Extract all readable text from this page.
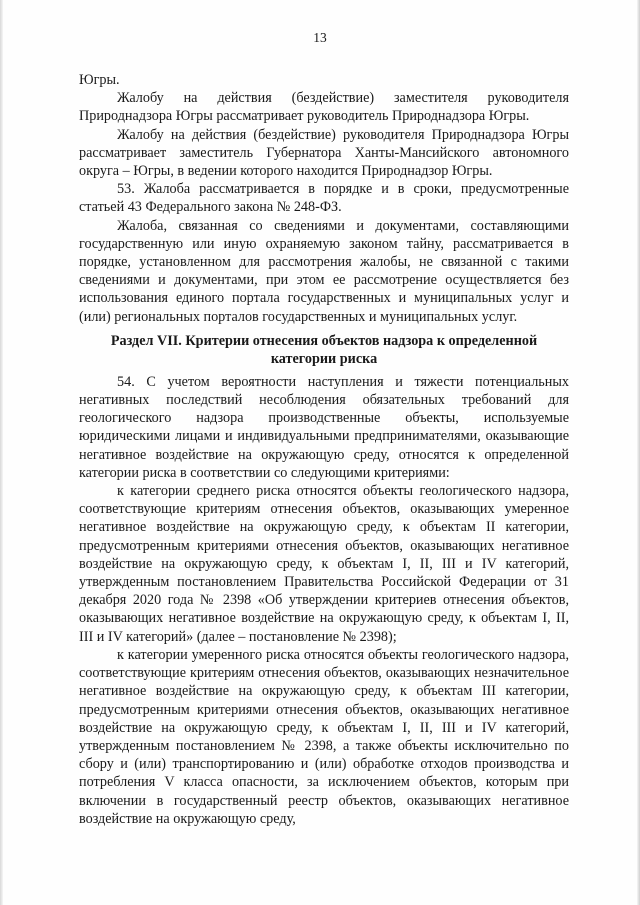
13

Югры.

Жалобу на действия (бездействие) заместителя руководителя Природнадзора Югры рассматривает руководитель Природнадзора Югры.

Жалобу на действия (бездействие) руководителя Природнадзора Югры рассматривает заместитель Губернатора Ханты-Мансийского автономного округа – Югры, в ведении которого находится Природнадзор Югры.

53. Жалоба рассматривается в порядке и в сроки, предусмотренные статьей 43 Федерального закона № 248-ФЗ.

Жалоба, связанная со сведениями и документами, составляющими государственную или иную охраняемую законом тайну, рассматривается в порядке, установленном для рассмотрения жалобы, не связанной с такими сведениями и документами, при этом ее рассмотрение осуществляется без использования единого портала государственных и муниципальных услуг и (или) региональных порталов государственных и муниципальных услуг.

Раздел VII. Критерии отнесения объектов надзора к определенной категории риска

54. С учетом вероятности наступления и тяжести потенциальных негативных последствий несоблюдения обязательных требований для геологического надзора производственные объекты, используемые юридическими лицами и индивидуальными предпринимателями, оказывающие негативное воздействие на окружающую среду, относятся к определенной категории риска в соответствии со следующими критериями:

к категории среднего риска относятся объекты геологического надзора, соответствующие критериям отнесения объектов, оказывающих умеренное негативное воздействие на окружающую среду, к объектам II категории, предусмотренным критериями отнесения объектов, оказывающих негативное воздействие на окружающую среду, к объектам I, II, III и IV категорий, утвержденным постановлением Правительства Российской Федерации от 31 декабря 2020 года № 2398 «Об утверждении критериев отнесения объектов, оказывающих негативное воздействие на окружающую среду, к объектам I, II, III и IV категорий» (далее – постановление № 2398);

к категории умеренного риска относятся объекты геологического надзора, соответствующие критериям отнесения объектов, оказывающих незначительное негативное воздействие на окружающую среду, к объектам III категории, предусмотренным критериями отнесения объектов, оказывающих негативное воздействие на окружающую среду, к объектам I, II, III и IV категорий, утвержденным постановлением № 2398, а также объекты исключительно по сбору и (или) транспортированию и (или) обработке отходов производства и потребления V класса опасности, за исключением объектов, которым при включении в государственный реестр объектов, оказывающих негативное воздействие на окружающую среду,
